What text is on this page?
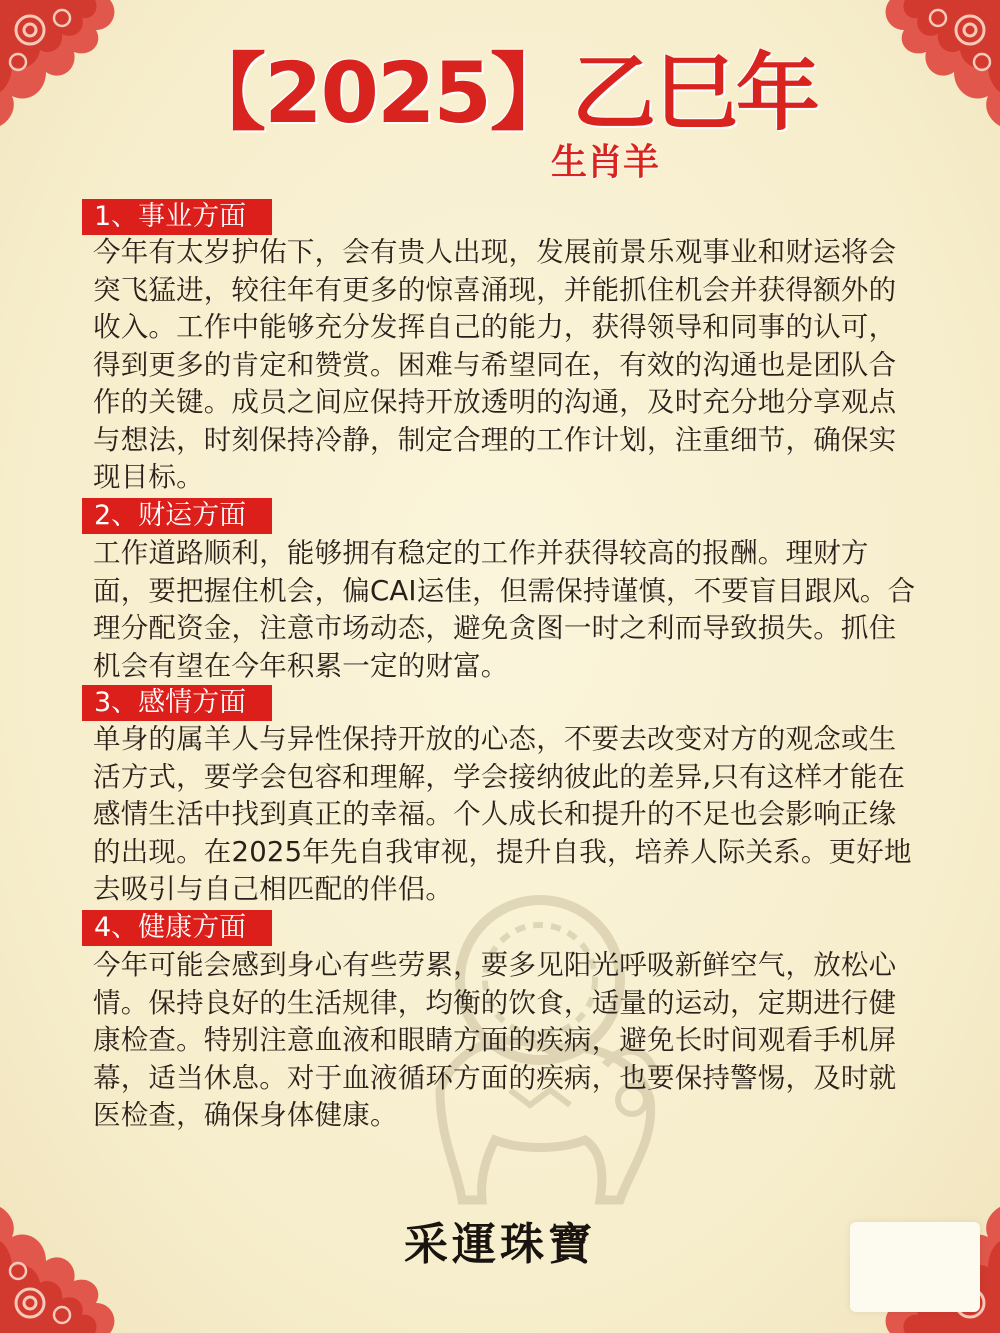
【2025】乙巳年
生肖羊
1、事业方面
今年有太岁护佑下，会有贵人出现，发展前景乐观事业和财运将会突飞猛进，较往年有更多的惊喜涌现，并能抓住机会并获得额外的收入。工作中能够充分发挥自己的能力，获得领导和同事的认可，得到更多的肯定和赞赏。困难与希望同在，有效的沟通也是团队合作的关键。成员之间应保持开放透明的沟通，及时充分地分享观点与想法，时刻保持冷静，制定合理的工作计划，注重细节，确保实现目标。
2、财运方面
工作道路顺利，能够拥有稳定的工作并获得较高的报酬。理财方面，要把握住机会，偏CAI运佳，但需保持谨慎，不要盲目跟风。合理分配资金，注意市场动态，避免贪图一时之利而导致损失。抓住机会有望在今年积累一定的财富。
3、感情方面
单身的属羊人与异性保持开放的心态，不要去改变对方的观念或生活方式，要学会包容和理解，学会接纳彼此的差异,只有这样才能在感情生活中找到真正的幸福。个人成长和提升的不足也会影响正缘的出现。在2025年先自我审视，提升自我，培养人际关系。更好地去吸引与自己相匹配的伴侣。
4、健康方面
今年可能会感到身心有些劳累，要多见阳光呼吸新鲜空气，放松心情。保持良好的生活规律，均衡的饮食，适量的运动，定期进行健康检查。特别注意血液和眼睛方面的疾病，避免长时间观看手机屏幕，适当休息。对于血液循环方面的疾病，也要保持警惕，及时就医检查，确保身体健康。
采運珠寶
